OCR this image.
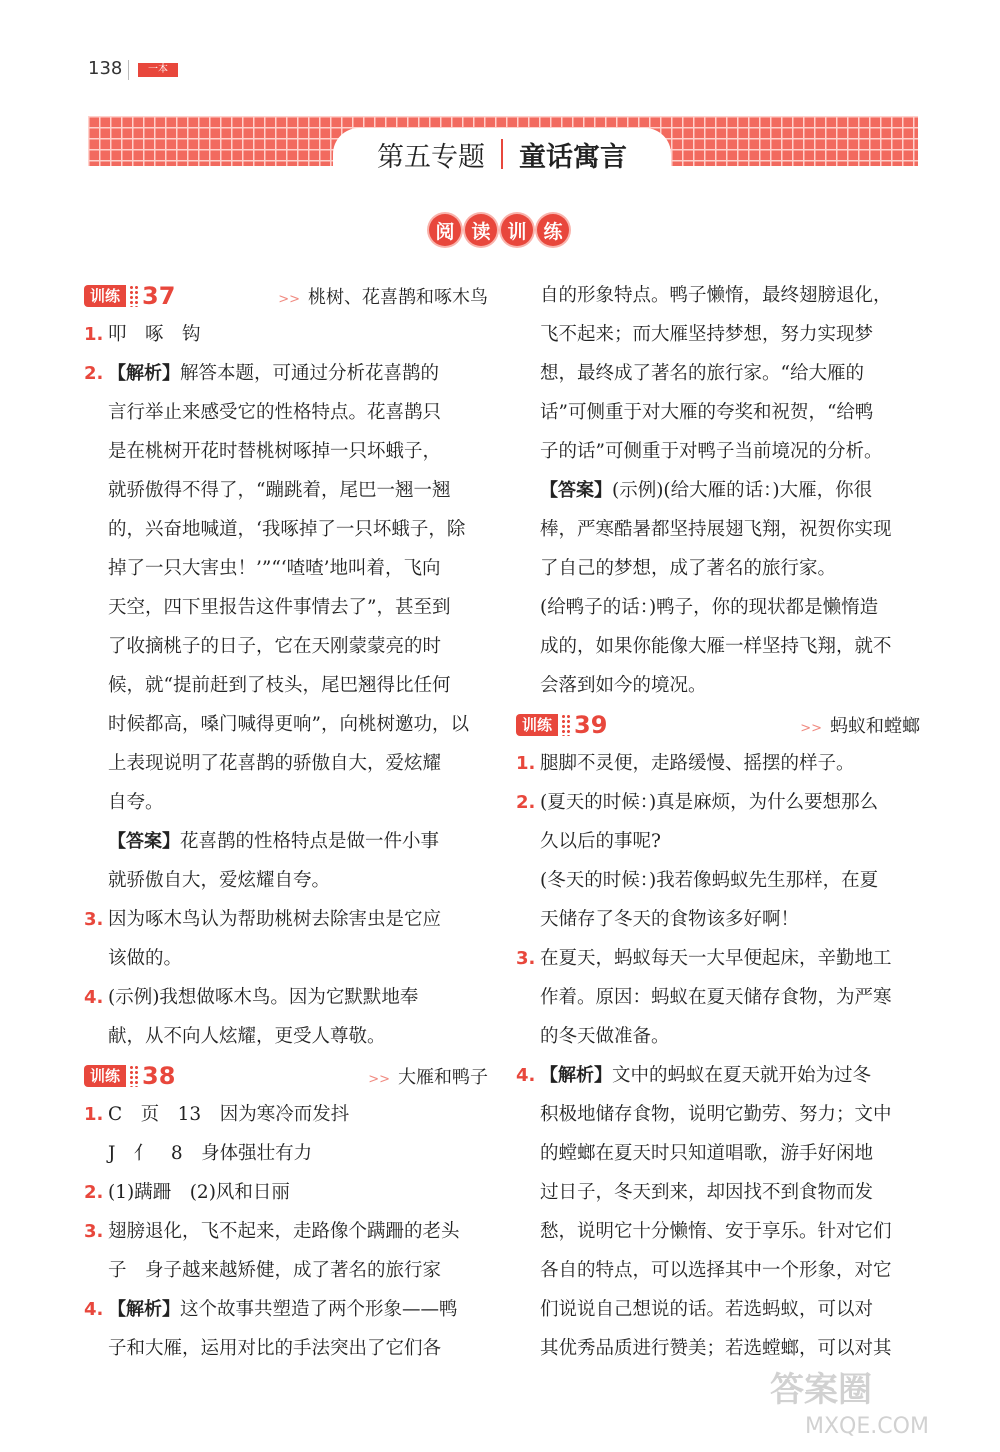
138	一本
第五专题 童话寓言
阅 读 训 练
训练 37	>> 桃树、花喜鹊和啄木鸟
1. 叩　啄　钩
2. 【解析】解答本题，可通过分析花喜鹊的
言行举止来感受它的性格特点。花喜鹊只
是在桃树开花时替桃树啄掉一只坏蛾子，
就骄傲得不得了，“蹦跳着，尾巴一翘一翘
的，兴奋地喊道，‘我啄掉了一只坏蛾子，除
掉了一只大害虫！’”“‘喳喳’地叫着，飞向
天空，四下里报告这件事情去了”，甚至到
了收摘桃子的日子，它在天刚蒙蒙亮的时
候，就“提前赶到了枝头，尾巴翘得比任何
时候都高，嗓门喊得更响”，向桃树邀功，以
上表现说明了花喜鹊的骄傲自大，爱炫耀
自夸。
【答案】花喜鹊的性格特点是做一件小事
就骄傲自大，爱炫耀自夸。
3. 因为啄木鸟认为帮助桃树去除害虫是它应
该做的。
4. (示例)我想做啄木鸟。因为它默默地奉
献，从不向人炫耀，更受人尊敬。
训练 38	>> 大雁和鸭子
1. C　页　13　因为寒冷而发抖
J　亻　8　身体强壮有力
2. (1)蹒跚　(2)风和日丽
3. 翅膀退化，飞不起来，走路像个蹒跚的老头
子　身子越来越矫健，成了著名的旅行家
4. 【解析】这个故事共塑造了两个形象——鸭
子和大雁，运用对比的手法突出了它们各
自的形象特点。鸭子懒惰，最终翅膀退化，
飞不起来；而大雁坚持梦想，努力实现梦
想，最终成了著名的旅行家。“给大雁的
话”可侧重于对大雁的夸奖和祝贺，“给鸭
子的话”可侧重于对鸭子当前境况的分析。
【答案】(示例)(给大雁的话：)大雁，你很
棒，严寒酷暑都坚持展翅飞翔，祝贺你实现
了自己的梦想，成了著名的旅行家。
(给鸭子的话：)鸭子，你的现状都是懒惰造
成的，如果你能像大雁一样坚持飞翔，就不
会落到如今的境况。
训练 39	>> 蚂蚁和螳螂
1. 腿脚不灵便，走路缓慢、摇摆的样子。
2. (夏天的时候：)真是麻烦，为什么要想那么
久以后的事呢?
(冬天的时候：)我若像蚂蚁先生那样，在夏
天储存了冬天的食物该多好啊！
3. 在夏天，蚂蚁每天一大早便起床，辛勤地工
作着。原因：蚂蚁在夏天储存食物，为严寒
的冬天做准备。
4. 【解析】文中的蚂蚁在夏天就开始为过冬
积极地储存食物，说明它勤劳、努力；文中
的螳螂在夏天时只知道唱歌，游手好闲地
过日子，冬天到来，却因找不到食物而发
愁，说明它十分懒惰、安于享乐。针对它们
各自的特点，可以选择其中一个形象，对它
们说说自己想说的话。若选蚂蚁，可以对
其优秀品质进行赞美；若选螳螂，可以对其
答案圈
MXQE.COM
